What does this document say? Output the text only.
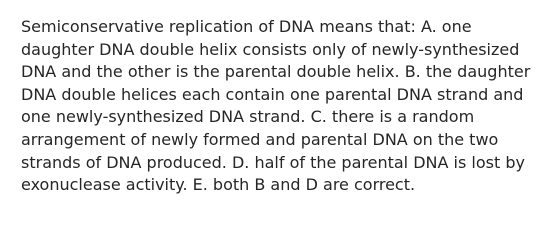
Semiconservative replication of DNA means that: A. one
daughter DNA double helix consists only of newly-synthesized
DNA and the other is the parental double helix. B. the daughter
DNA double helices each contain one parental DNA strand and
one newly-synthesized DNA strand. C. there is a random
arrangement of newly formed and parental DNA on the two
strands of DNA produced. D. half of the parental DNA is lost by
exonuclease activity. E. both B and D are correct.
